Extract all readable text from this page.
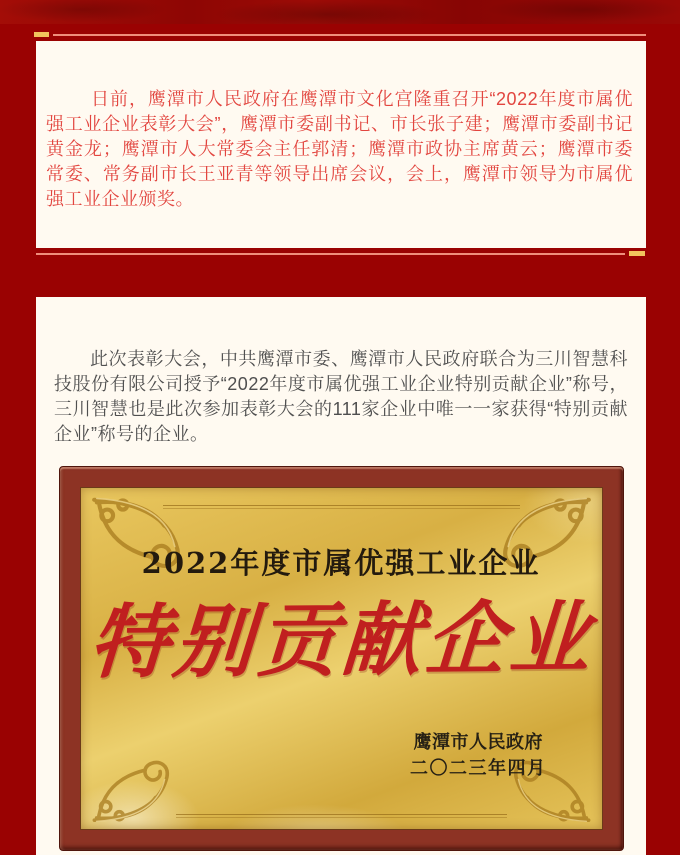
日前，鹰潭市人民政府在鹰潭市文化宫隆重召开“2022年度市属优强工业企业表彰大会”，鹰潭市委副书记、市长张子建；鹰潭市委副书记黄金龙；鹰潭市人大常委会主任郭清；鹰潭市政协主席黄云；鹰潭市委常委、常务副市长王亚青等领导出席会议，会上，鹰潭市领导为市属优强工业企业颁奖。

此次表彰大会，中共鹰潭市委、鹰潭市人民政府联合为三川智慧科技股份有限公司授予“2022年度市属优强工业企业特别贡献企业”称号，三川智慧也是此次参加表彰大会的111家企业中唯一一家获得“特别贡献企业”称号的企业。

2022年度市属优强工业企业
特别贡献企业
鹰潭市人民政府
二〇二三年四月
